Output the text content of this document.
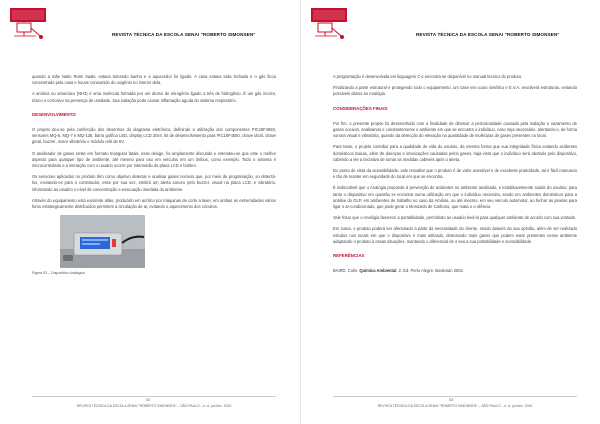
REVISTA TÉCNICA DA ESCOLA SENAI "ROBERTO SIMONSEN"

quando a mãe Natie Rumi Saaki, estava tomando banho e a aquecedor foi ligado. A casa estava toda fechada e o gás ficou concentrado pela casa e houve consumido do oxigênio no interior dela.

A amônia ou amoníaco (NH3) é uma molécula formada por um átomo de nitrogênio ligado a três de hidrogênio. É um gás incolor, tóxico e corrosivo na presença de umidade. Sua inalação pode causar inflamação aguda do sistema respiratório.

DESENVOLVIMENTO

O projeto deu-se pela confecção dos desenhos do diagrama eletrônico, definindo a utilização dos componentes PIC18F4550, sensores MQ-5, MQ-7 e MQ-135, barra gráfica LED, display LCD 20x4, kit de desenvolvimento para PIC18F4550, chave táctil, chave geral, buzzer, motor vibratório e módulo relé de 5V.

O analisador de gases emite em formato triangular fatais, esse design, foi amplamente discutido e entendeu-se que este o melhor aspecto para qualquer tipo de ambiente, até mesmo para uso em veículos em um ônibus, como exemplo. Todo o sistema é microcontrolado e a interação com o usuário ocorre por intermédio da placa LCD e botões.

Os sensores aplicados no produto têm como objetivo detectar e analisar gases nocivos que, por meio de programação, so detectá-los, enviando-os para o controlador, esse por sua vez, emitirá um alerta sonoro pelo buzzer, visual na placa LCD, e vibratório, informando ao usuário o nível de concentração e evacuação imediata do ambiente.

Através do equipamento está existente altas, produzido em acrílico por máquinas de corte a laser, em ambas as extremidades vários furos estrategicamente distribuídos permitem a circulação de ar, evitando o aquecimento dos circuitos.

Figura 03 – Dispositivo Analógico
52
REVISTA TÉCNICA DA ESCOLA SENAI "ROBERTO SIMONSEN" – SÃO PAULO – n. A, jul./dez. 2019
REVISTA TÉCNICA DA ESCOLA SENAI "ROBERTO SIMONSEN"

A programação é desenvolvida em linguagem C e encontra-se disponível no manual técnico do produto.

Finalizando a parte estrutural e protegendo todo o equipamento, um case em couro sintético e E.V.A. envolverá estruturas, evitando possíveis danos ao Analógia.

CONSIDERAÇÕES FINAIS

Por fim, o presente projeto foi desenvolvido com a finalidade de diminuir a periculosidade causada pela inalação e vazamento de gases nocivos, analisando e constantemente o ambiente em que se encontra o indivíduo, caso seja necessário, alertando-o, de forma sonora visual e vibratória, quando da detecção do elevação na quantidade de moléculas de gases presentes no local.

Para tanto, o projeto contribui para a qualidade de vida do usuário, da mesma forma que sua integridade física evitando acidentes domésticos baixas, além de doenças e intoxicações causadas pelos gases, haja vista que o indivíduo será alertado pelo dispositivo, cabendo a ele a iniciativa de tomar as medidas cabíveis após o alerta.

Do ponto de vista da acessibilidade, vale ressaltar que o produto é de valor acessível e de excelente praticidade, tal é fácil manuseio e tão de manter em seguridade do local em que se encontra.

É indiscutível que o Analógia proponde à prevenção de acidentes no ambiente analisado, e indubitavelmente saúde do usuário, para tanto o dispositivo em questão se encontra numa utilização em que o indivíduo necessita, sendo em ambientes domésticos para a análise do GLP, em ambientes de trabalho no caso da Amônia, ou até mesmo, em seu veículo automotor, ao fechar as janelas para ligar o ar-condicionado, que pode gerar o Monóxido de Carbono, que mata o o silêncio.

Vale frisar que o Analógia favorece a portabilidade, permitindo ao usuário levá-lo para qualquer ambiente de acordo com sua vontade.

Em suma, o produto poderá ser aferionado a partir da necessidade do cliente, sendo através da sua opinião, além de ser realizado estudos nos locais em que o dispositivo é mais utilizado, detectando mais gases que podem estar presentes nesse ambiente adaptando o produto à essas situações, mantendo o diferencial de o seu a sua portabilidade e acessibilidade.

REFERÊNCIAS

BAIRD, Colin. Química Ambiental, 2. Ed. Porto Alegre. Bookman 2002.

53
REVISTA TÉCNICA DA ESCOLA SENAI "ROBERTO SIMONSEN" – SÃO PAULO – n. A, jul./dez. 2019
